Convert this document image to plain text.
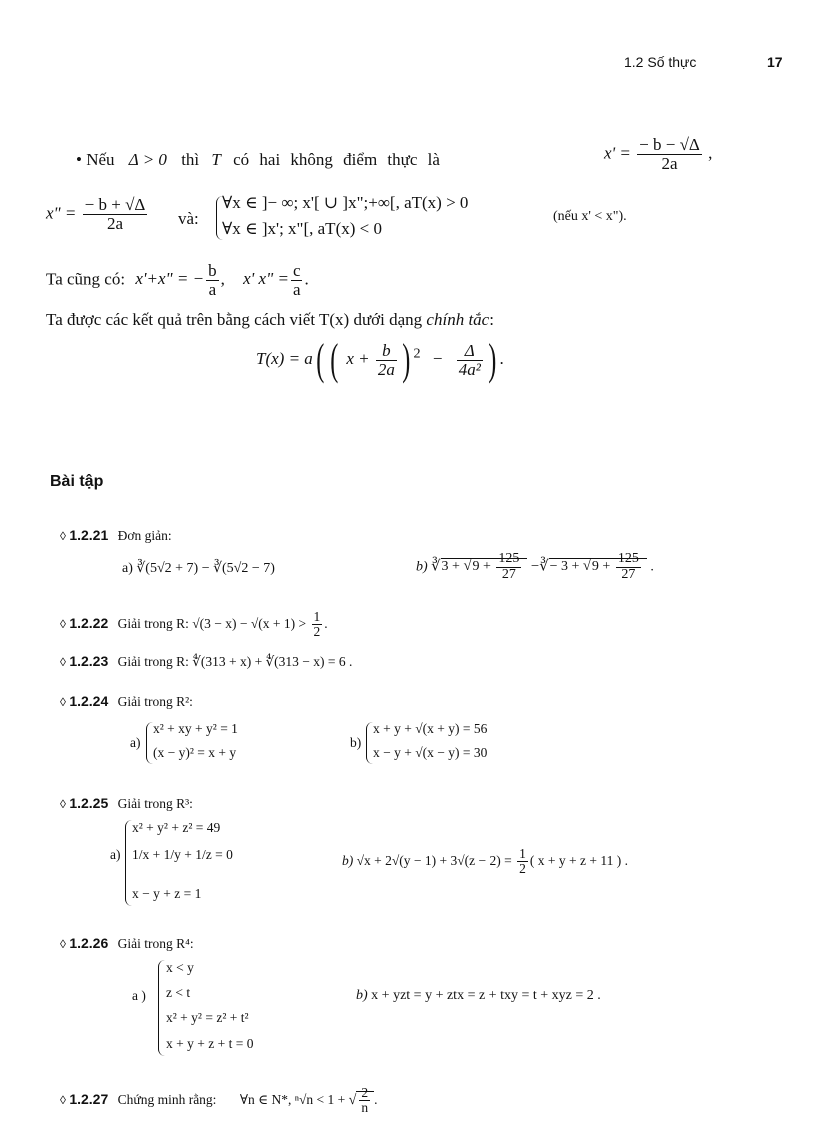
1.2 Số thực	17
• Nếu Δ > 0 thì T có hai không điểm thực là	$x' = \frac{- b - √\Delta}{2a}$ ,
x" = $\frac{- b + √\Delta}{2a}$ và:
∀x ∈ ]− ∞; x'[ ∪ ]x";+∞[, aT(x) > 0
∀x ∈ ]x'; x"[, aT(x) < 0
(nếu x' < x").
Ta cũng có: x'+x" = − $\frac{b}{a}$ , x' x" = $\frac{c}{a}$ .
Ta được các kết quả trên bằng cách viết T(x) dưới dạng chính tắc:
T(x) = a( ( $x + \frac{b}{2a}$ ) $^2 - \frac{\Delta}{\text{4a²}}$ ) .
Bài tập
◊ 1.2.21 Đơn giản:
a) ∛(5√2 + 7) − ∛(5√2 − 7)	b) ∛3 + $√9 + \frac{125}{27}$ −∛− $3 + √9 + \frac{125}{27}$ .
◊ 1.2.22 Giải trong R: $√(3 - x) - √(x + 1) > \frac{1}{2}$ .
◊ 1.2.23 Giải trong R: ∜(313 + x) + ∜(313 − x) = 6 .
◊ 1.2.24 Giải trong R²:
a)
x² + xy + y² = 1
(x − y)² = x + y
b)
x + y + √(x + y) = 56
x − y + √(x − y) = 30
◊ 1.2.25 Giải trong R³:
a)
x² + y² + z² = 49
1/x + 1/y + 1/z = 0
x − y + z = 1
b) $√x + 2√(y - 1) + 3√(z - 2) = \frac{1}{2}$ ( x + y + z + 11 ) .
◊ 1.2.26 Giải trong R⁴:
a )
x < y
z < t
x² + y² = z² + t²
x + y + z + t = 0
b) x + yzt = y + ztx = z + txy = t + xyz = 2 .
◊ 1.2.27 Chứng minh rằng: ∀n ∈ N*, ⁿ√n < 1 + √ $\frac{2}{n}$ .
